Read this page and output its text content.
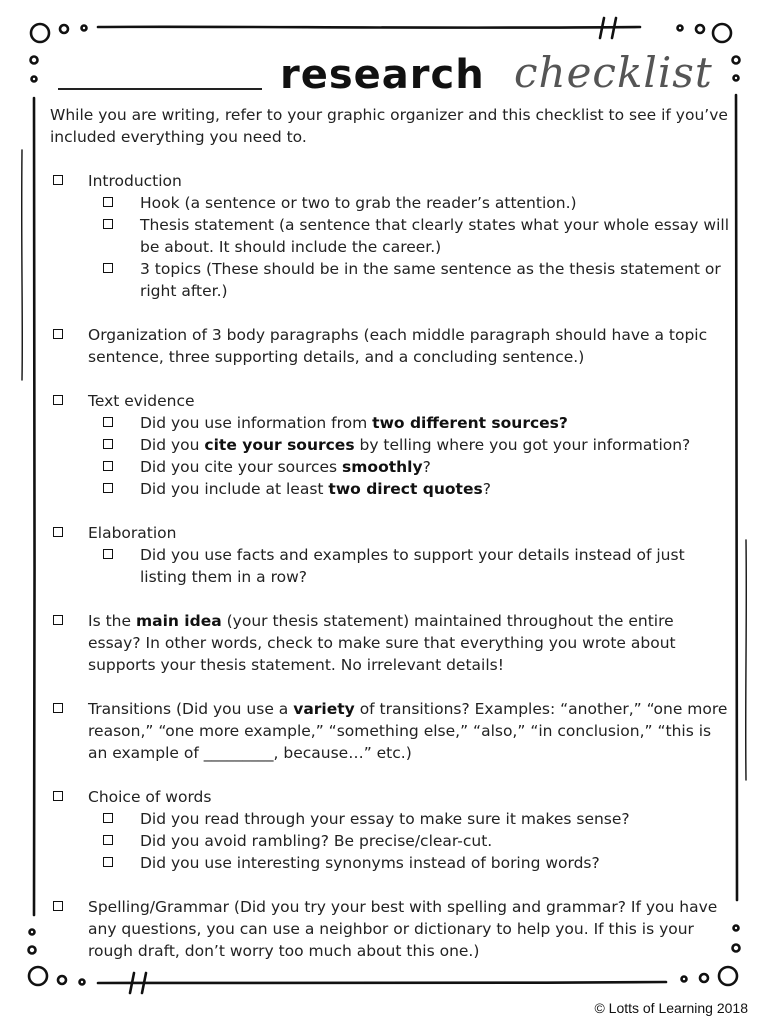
research checklist

While you are writing, refer to your graphic organizer and this checklist to see if you’ve included everything you need to.

Introduction
Hook (a sentence or two to grab the reader’s attention.)
Thesis statement (a sentence that clearly states what your whole essay will be about. It should include the career.)
3 topics (These should be in the same sentence as the thesis statement or right after.)
Organization of 3 body paragraphs (each middle paragraph should have a topic sentence, three supporting details, and a concluding sentence.)
Text evidence
Did you use information from two different sources?
Did you cite your sources by telling where you got your information?
Did you cite your sources smoothly?
Did you include at least two direct quotes?
Elaboration
Did you use facts and examples to support your details instead of just listing them in a row?
Is the main idea (your thesis statement) maintained throughout the entire essay? In other words, check to make sure that everything you wrote about supports your thesis statement. No irrelevant details!
Transitions (Did you use a variety of transitions? Examples: “another,” “one more reason,” “one more example,” “something else,” “also,” “in conclusion,” “this is an example of _________, because…” etc.)
Choice of words
Did you read through your essay to make sure it makes sense?
Did you avoid rambling? Be precise/clear-cut.
Did you use interesting synonyms instead of boring words?
Spelling/Grammar (Did you try your best with spelling and grammar? If you have any questions, you can use a neighbor or dictionary to help you. If this is your rough draft, don’t worry too much about this one.)
© Lotts of Learning 2018
